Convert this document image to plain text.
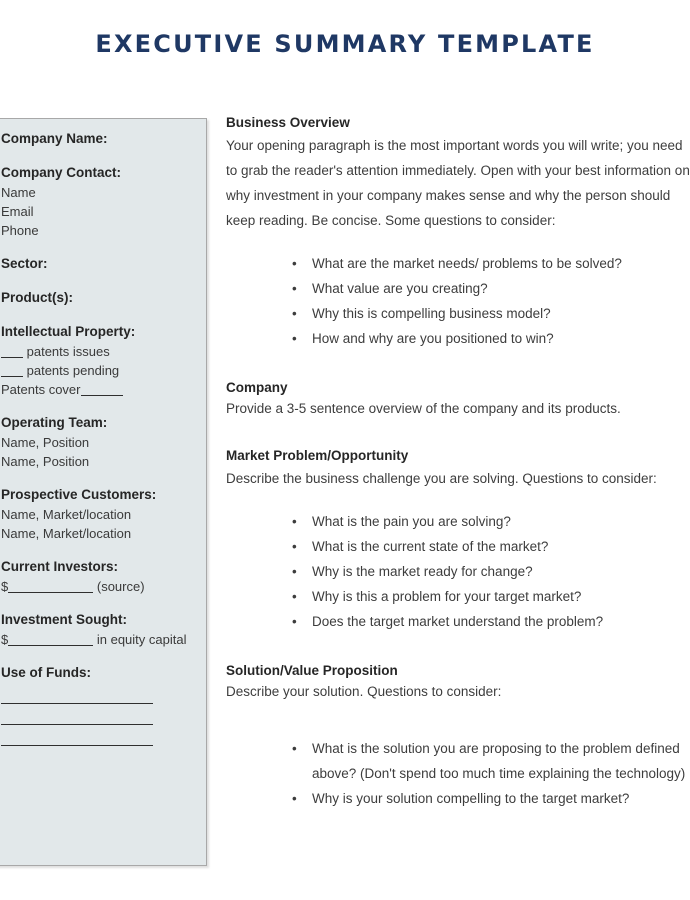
EXECUTIVE SUMMARY TEMPLATE
Company Name:
Company Contact:
Name
Email
Phone
Sector:
Product(s):
Intellectual Property:
patents issues
patents pending
Patents cover
Operating Team:
Name, Position
Name, Position
Prospective Customers:
Name, Market/location
Name, Market/location
Current Investors:
$	(source)
Investment Sought:
$	in equity capital
Use of Funds:
Business Overview
Your opening paragraph is the most important words you will write; you need to grab the reader's attention immediately. Open with your best information on why investment in your company makes sense and why the person should keep reading. Be concise. Some questions to consider:
• What are the market needs/ problems to be solved?
• What value are you creating?
• Why this is compelling business model?
• How and why are you positioned to win?
Company
Provide a 3-5 sentence overview of the company and its products.
Market Problem/Opportunity
Describe the business challenge you are solving. Questions to consider:
• What is the pain you are solving?
• What is the current state of the market?
• Why is the market ready for change?
• Why is this a problem for your target market?
• Does the target market understand the problem?
Solution/Value Proposition
Describe your solution. Questions to consider:
• What is the solution you are proposing to the problem defined above? (Don't spend too much time explaining the technology)
• Why is your solution compelling to the target market?
